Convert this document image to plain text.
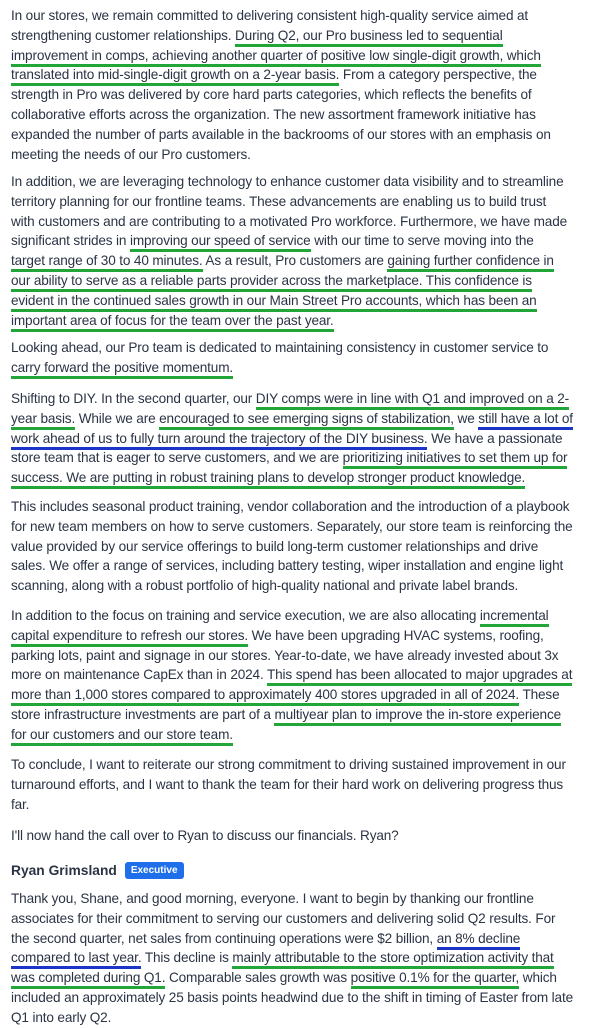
In our stores, we remain committed to delivering consistent high-quality service aimed at
strengthening customer relationships. During Q2, our Pro business led to sequential
improvement in comps, achieving another quarter of positive low single-digit growth, which
translated into mid-single-digit growth on a 2-year basis. From a category perspective, the
strength in Pro was delivered by core hard parts categories, which reflects the benefits of
collaborative efforts across the organization. The new assortment framework initiative has
expanded the number of parts available in the backrooms of our stores with an emphasis on
meeting the needs of our Pro customers.
In addition, we are leveraging technology to enhance customer data visibility and to streamline
territory planning for our frontline teams. These advancements are enabling us to build trust
with customers and are contributing to a motivated Pro workforce. Furthermore, we have made
significant strides in improving our speed of service with our time to serve moving into the
target range of 30 to 40 minutes. As a result, Pro customers are gaining further confidence in
our ability to serve as a reliable parts provider across the marketplace. This confidence is
evident in the continued sales growth in our Main Street Pro accounts, which has been an
important area of focus for the team over the past year.
Looking ahead, our Pro team is dedicated to maintaining consistency in customer service to
carry forward the positive momentum.
Shifting to DIY. In the second quarter, our DIY comps were in line with Q1 and improved on a 2-
year basis. While we are encouraged to see emerging signs of stabilization, we still have a lot of
work ahead of us to fully turn around the trajectory of the DIY business. We have a passionate
store team that is eager to serve customers, and we are prioritizing initiatives to set them up for
success. We are putting in robust training plans to develop stronger product knowledge.
This includes seasonal product training, vendor collaboration and the introduction of a playbook
for new team members on how to serve customers. Separately, our store team is reinforcing the
value provided by our service offerings to build long-term customer relationships and drive
sales. We offer a range of services, including battery testing, wiper installation and engine light
scanning, along with a robust portfolio of high-quality national and private label brands.
In addition to the focus on training and service execution, we are also allocating incremental
capital expenditure to refresh our stores. We have been upgrading HVAC systems, roofing,
parking lots, paint and signage in our stores. Year-to-date, we have already invested about 3x
more on maintenance CapEx than in 2024. This spend has been allocated to major upgrades at
more than 1,000 stores compared to approximately 400 stores upgraded in all of 2024. These
store infrastructure investments are part of a multiyear plan to improve the in-store experience
for our customers and our store team.
To conclude, I want to reiterate our strong commitment to driving sustained improvement in our
turnaround efforts, and I want to thank the team for their hard work on delivering progress thus
far.
I'll now hand the call over to Ryan to discuss our financials. Ryan?
Ryan Grimsland	Executive
Thank you, Shane, and good morning, everyone. I want to begin by thanking our frontline
associates for their commitment to serving our customers and delivering solid Q2 results. For
the second quarter, net sales from continuing operations were $2 billion, an 8% decline
compared to last year. This decline is mainly attributable to the store optimization activity that
was completed during Q1. Comparable sales growth was positive 0.1% for the quarter, which
included an approximately 25 basis points headwind due to the shift in timing of Easter from late
Q1 into early Q2.
